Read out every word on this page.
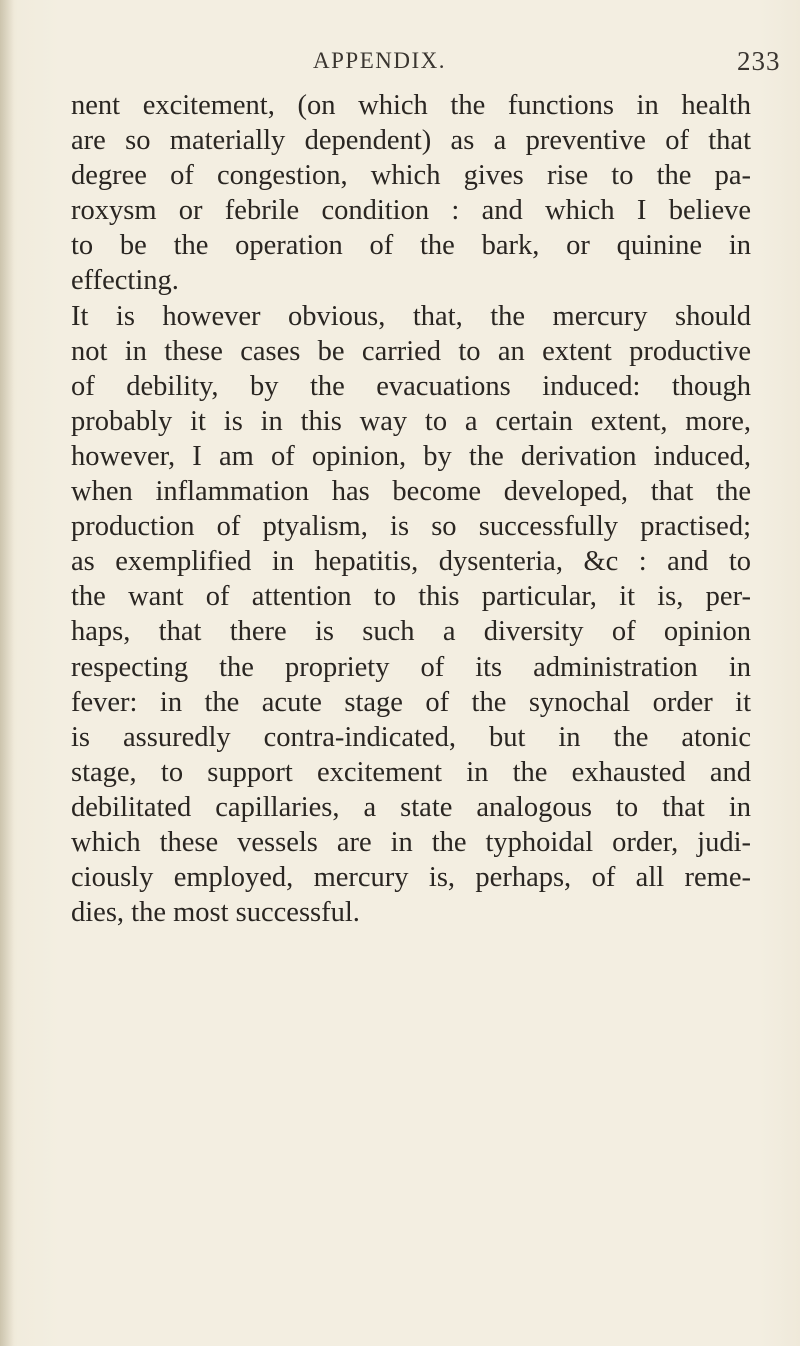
APPENDIX.	233
nent excitement, (on which the functions in health
are so materially dependent) as a preventive of that
degree of congestion, which gives rise to the pa-
roxysm or febrile condition : and which I believe
to be the operation of the bark, or quinine in
effecting.
It is however obvious, that, the mercury should
not in these cases be carried to an extent productive
of debility, by the evacuations induced: though
probably it is in this way to a certain extent, more,
however, I am of opinion, by the derivation induced,
when inflammation has become developed, that the
production of ptyalism, is so successfully practised;
as exemplified in hepatitis, dysenteria, &c : and to
the want of attention to this particular, it is, per-
haps, that there is such a diversity of opinion
respecting the propriety of its administration in
fever: in the acute stage of the synochal order it
is assuredly contra-indicated, but in the atonic
stage, to support excitement in the exhausted and
debilitated capillaries, a state analogous to that in
which these vessels are in the typhoidal order, judi-
ciously employed, mercury is, perhaps, of all reme-
dies, the most successful.
